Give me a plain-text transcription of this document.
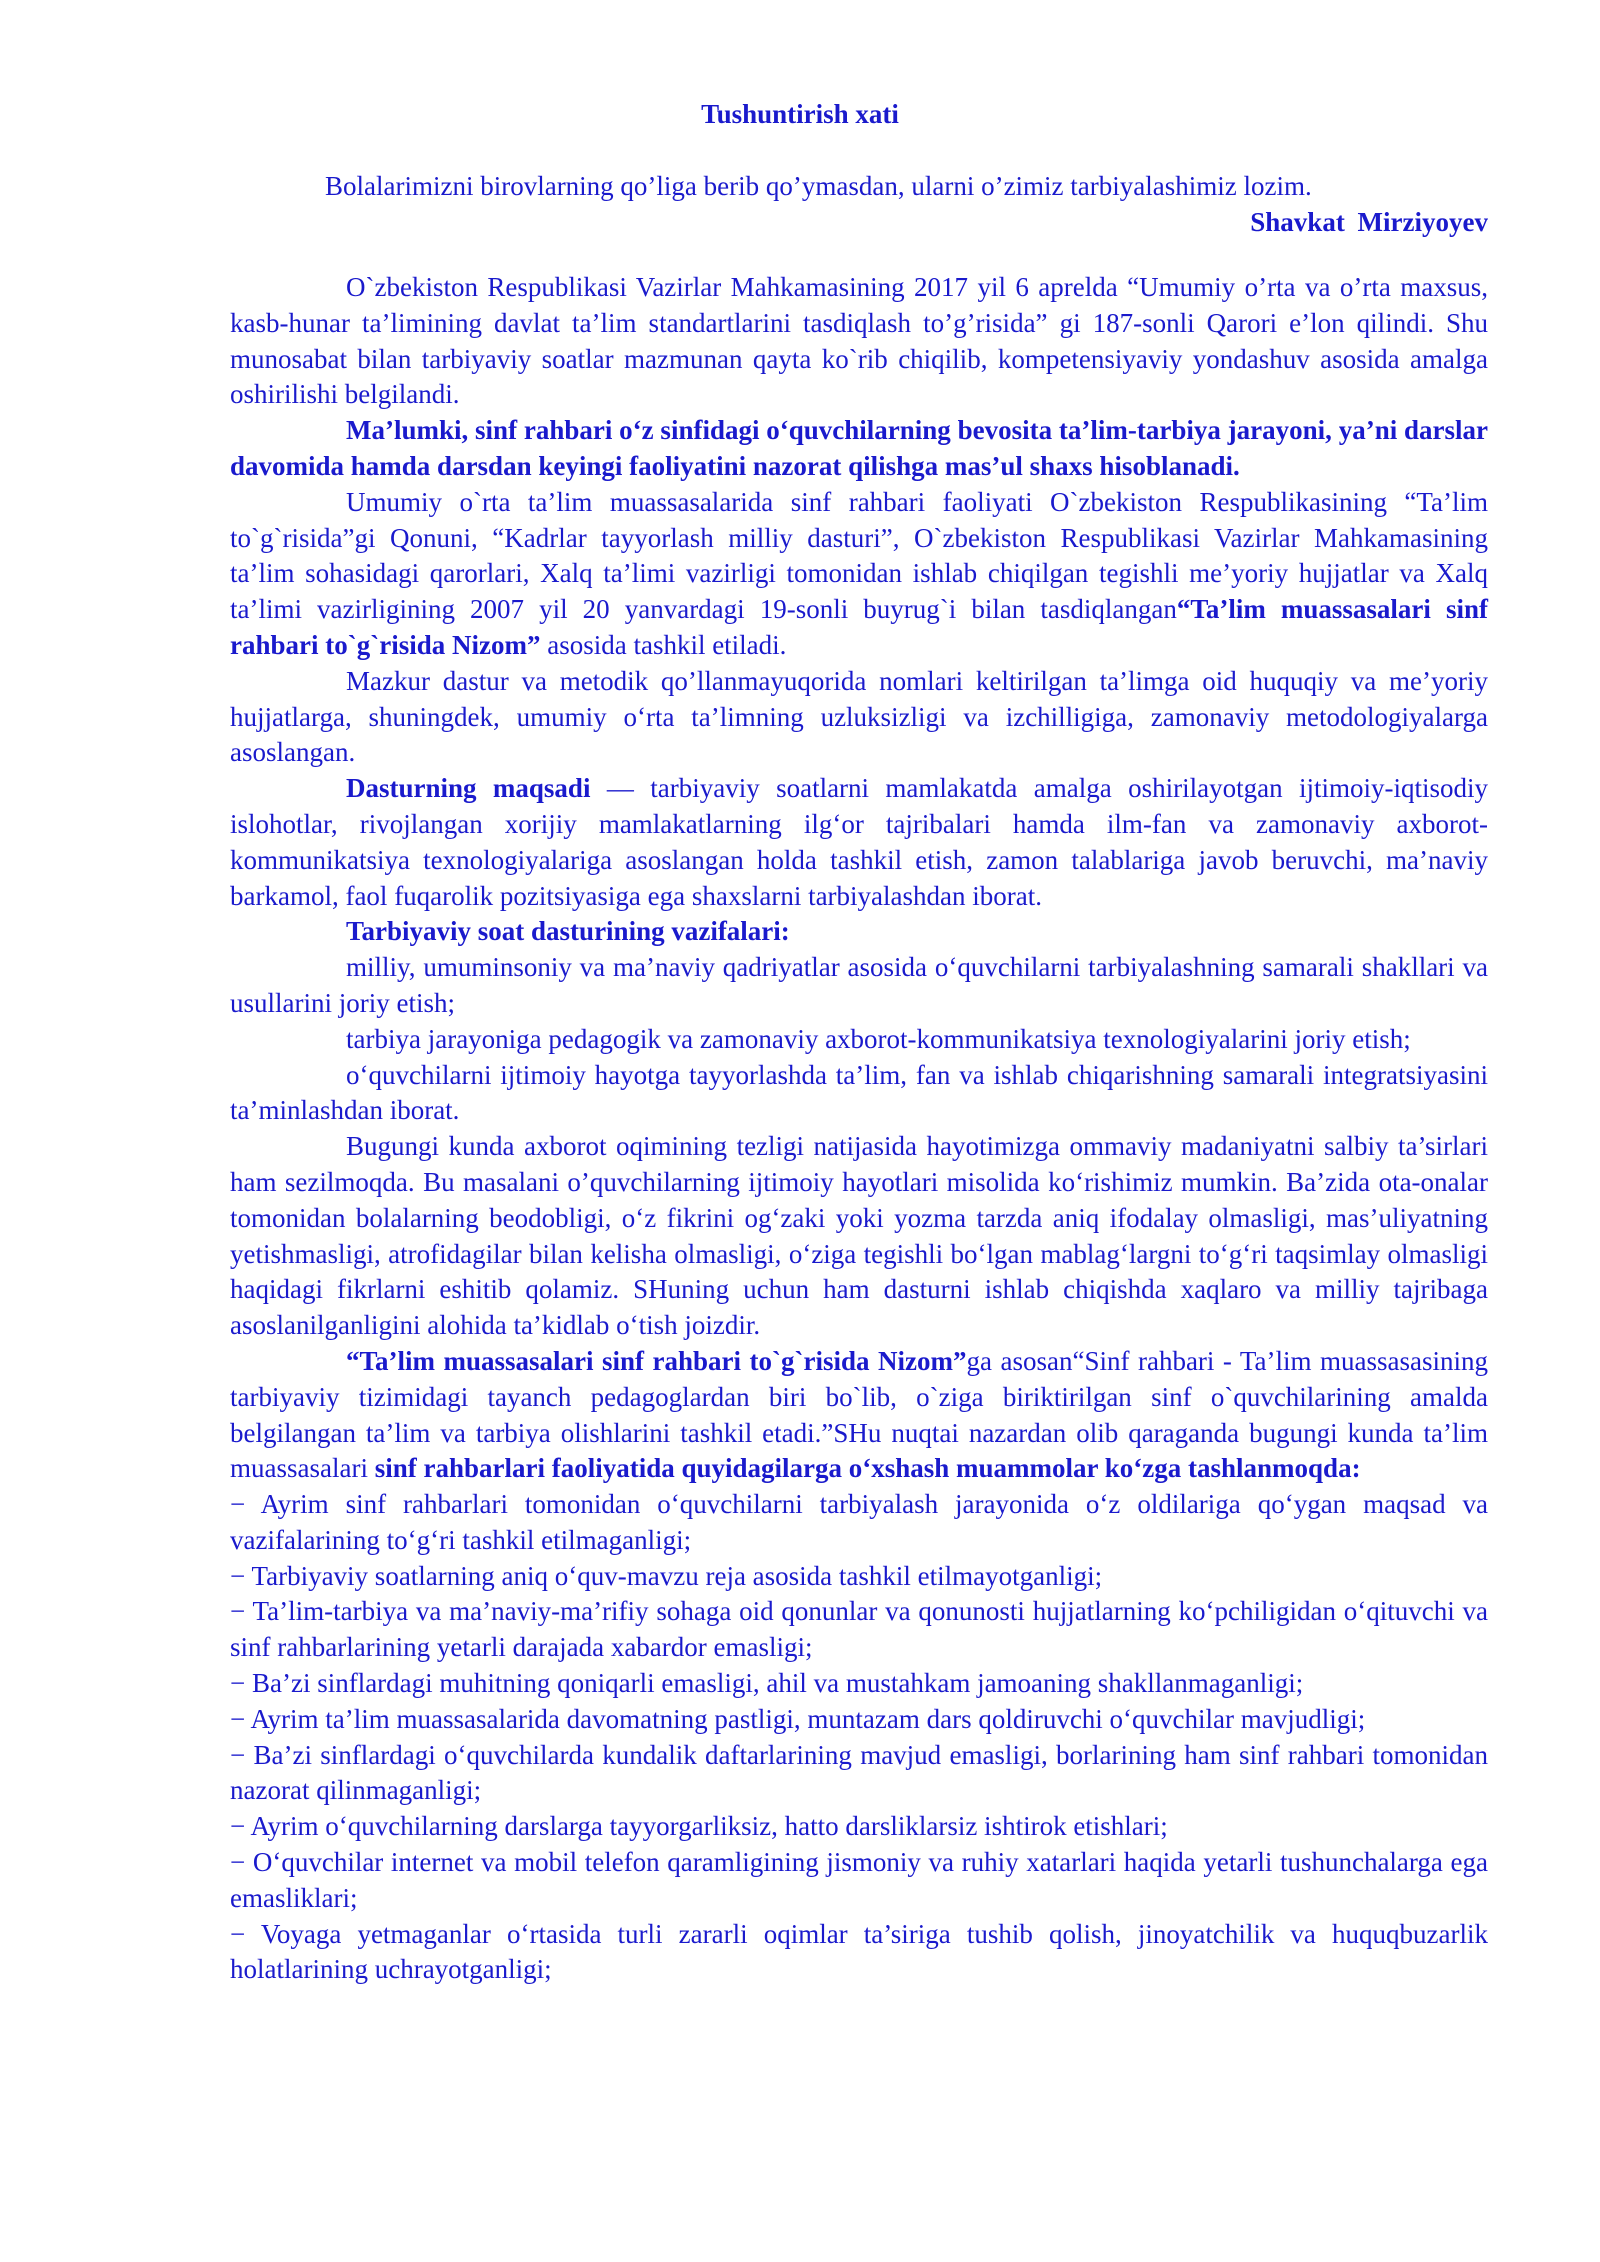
Tushuntirish xati

Bolalarimizni birovlarning qo’liga berib qo’ymasdan, ularni o’zimiz tarbiyalashimiz lozim.

Shavkat Mirziyoyev

O`zbekiston Respublikasi Vazirlar Mahkamasining 2017 yil 6 aprelda “Umumiy o’rta va o’rta maxsus, kasb-hunar ta’limining davlat ta’lim standartlarini tasdiqlash to’g’risida” gi 187-sonli Qarori e’lon qilindi. Shu munosabat bilan tarbiyaviy soatlar mazmunan qayta ko`rib chiqilib, kompetensiyaviy yondashuv asosida amalga oshirilishi belgilandi.

Ma’lumki, sinf rahbari o‘z sinfidagi o‘quvchilarning bevosita ta’lim-tarbiya jarayoni, ya’ni darslar davomida hamda darsdan keyingi faoliyatini nazorat qilishga mas’ul shaxs hisoblanadi.

Umumiy o`rta ta’lim muassasalarida sinf rahbari faoliyati O`zbekiston Respublikasining “Ta’lim to`g`risida”gi Qonuni, “Kadrlar tayyorlash milliy dasturi”, O`zbekiston Respublikasi Vazirlar Mahkamasining ta’lim sohasidagi qarorlari, Xalq ta’limi vazirligi tomonidan ishlab chiqilgan tegishli me’yoriy hujjatlar va Xalq ta’limi vazirligining 2007 yil 20 yanvardagi 19-sonli buyrug`i bilan tasdiqlangan“Ta’lim muassasalari sinf rahbari to`g`risida Nizom” asosida tashkil etiladi.

Mazkur dastur va metodik qo’llanmayuqorida nomlari keltirilgan ta’limga oid huquqiy va me’yoriy hujjatlarga, shuningdek, umumiy o‘rta ta’limning uzluksizligi va izchilligiga, zamonaviy metodologiyalarga asoslangan.

Dasturning maqsadi — tarbiyaviy soatlarni mamlakatda amalga oshirilayotgan ijtimoiy-iqtisodiy islohotlar, rivojlangan xorijiy mamlakatlarning ilg‘or tajribalari hamda ilm-fan va zamonaviy axborot-kommunikatsiya texnologiyalariga asoslangan holda tashkil etish, zamon talablariga javob beruvchi, ma’naviy barkamol, faol fuqarolik pozitsiyasiga ega shaxslarni tarbiyalashdan iborat.

Tarbiyaviy soat dasturining vazifalari:

milliy, umuminsoniy va ma’naviy qadriyatlar asosida o‘quvchilarni tarbiyalashning samarali shakllari va usullarini joriy etish;

tarbiya jarayoniga pedagogik va zamonaviy axborot-kommunikatsiya texnologiyalarini joriy etish;

o‘quvchilarni ijtimoiy hayotga tayyorlashda ta’lim, fan va ishlab chiqarishning samarali integratsiyasini ta’minlashdan iborat.

Bugungi kunda axborot oqimining tezligi natijasida hayotimizga ommaviy madaniyatni salbiy ta’sirlari ham sezilmoqda. Bu masalani o’quvchilarning ijtimoiy hayotlari misolida ko‘rishimiz mumkin. Ba’zida ota-onalar tomonidan bolalarning beodobligi, o‘z fikrini og‘zaki yoki yozma tarzda aniq ifodalay olmasligi, mas’uliyatning yetishmasligi, atrofidagilar bilan kelisha olmasligi, o‘ziga tegishli bo‘lgan mablag‘largni to‘g‘ri taqsimlay olmasligi haqidagi fikrlarni eshitib qolamiz. SHuning uchun ham dasturni ishlab chiqishda xaqlaro va milliy tajribaga asoslanilganligini alohida ta’kidlab o‘tish joizdir.

“Ta’lim muassasalari sinf rahbari to`g`risida Nizom”ga asosan“Sinf rahbari - Ta’lim muassasasining tarbiyaviy tizimidagi tayanch pedagoglardan biri bo`lib, o`ziga biriktirilgan sinf o`quvchilarining amalda belgilangan ta’lim va tarbiya olishlarini tashkil etadi.”SHu nuqtai nazardan olib qaraganda bugungi kunda ta’lim muassasalari sinf rahbarlari faoliyatida quyidagilarga o‘xshash muammolar ko‘zga tashlanmoqda:

− Ayrim sinf rahbarlari tomonidan o‘quvchilarni tarbiyalash jarayonida o‘z oldilariga qo‘ygan maqsad va vazifalarining to‘g‘ri tashkil etilmaganligi;

− Tarbiyaviy soatlarning aniq o‘quv-mavzu reja asosida tashkil etilmayotganligi;

− Ta’lim-tarbiya va ma’naviy-ma’rifiy sohaga oid qonunlar va qonunosti hujjatlarning ko‘pchiligidan o‘qituvchi va sinf rahbarlarining yetarli darajada xabardor emasligi;

− Ba’zi sinflardagi muhitning qoniqarli emasligi, ahil va mustahkam jamoaning shakllanmaganligi;

− Ayrim ta’lim muassasalarida davomatning pastligi, muntazam dars qoldiruvchi o‘quvchilar mavjudligi;

− Ba’zi sinflardagi o‘quvchilarda kundalik daftarlarining mavjud emasligi, borlarining ham sinf rahbari tomonidan nazorat qilinmaganligi;

− Ayrim o‘quvchilarning darslarga tayyorgarliksiz, hatto darsliklarsiz ishtirok etishlari;

− O‘quvchilar internet va mobil telefon qaramligining jismoniy va ruhiy xatarlari haqida yetarli tushunchalarga ega emasliklari;

− Voyaga yetmaganlar o‘rtasida turli zararli oqimlar ta’siriga tushib qolish, jinoyatchilik va huquqbuzarlik holatlarining uchrayotganligi;
